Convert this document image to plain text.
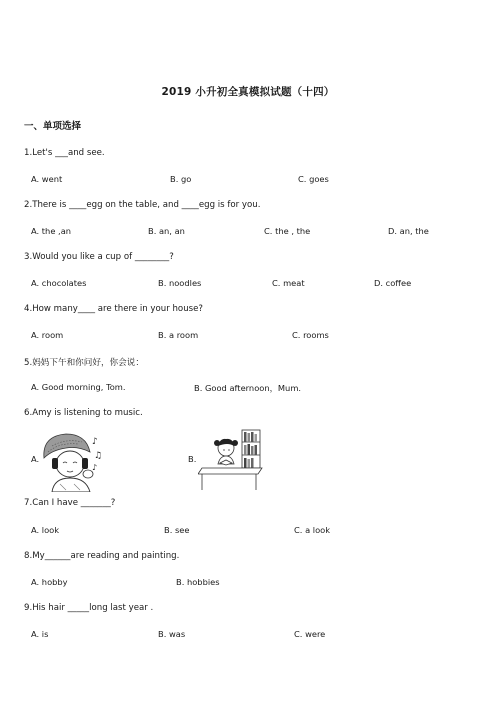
2019 小升初全真模拟试题（十四）
一、单项选择
1.Let's ___and see.
A. went	B. go	C. goes
2.There is ____egg on the table, and ____egg is for you.
A. the ,an	B. an, an	C. the , the	D. an, the
3.Would you like a cup of ________?
A. chocolates	B. noodles	C. meat	D. coffee
4.How many____ are there in your house?
A. room	B. a room	C. rooms
5.妈妈下午和你问好，你会说：
A. Good morning, Tom.	B. Good afternoon，Mum.
6.Amy is listening to music.
A.	B.
♪
♫
♪
7.Can I have _______?
A. look	B. see	C. a look
8.My______are reading and painting.
A. hobby	B. hobbies
9.His hair _____long last year .
A. is	B. was	C. were
